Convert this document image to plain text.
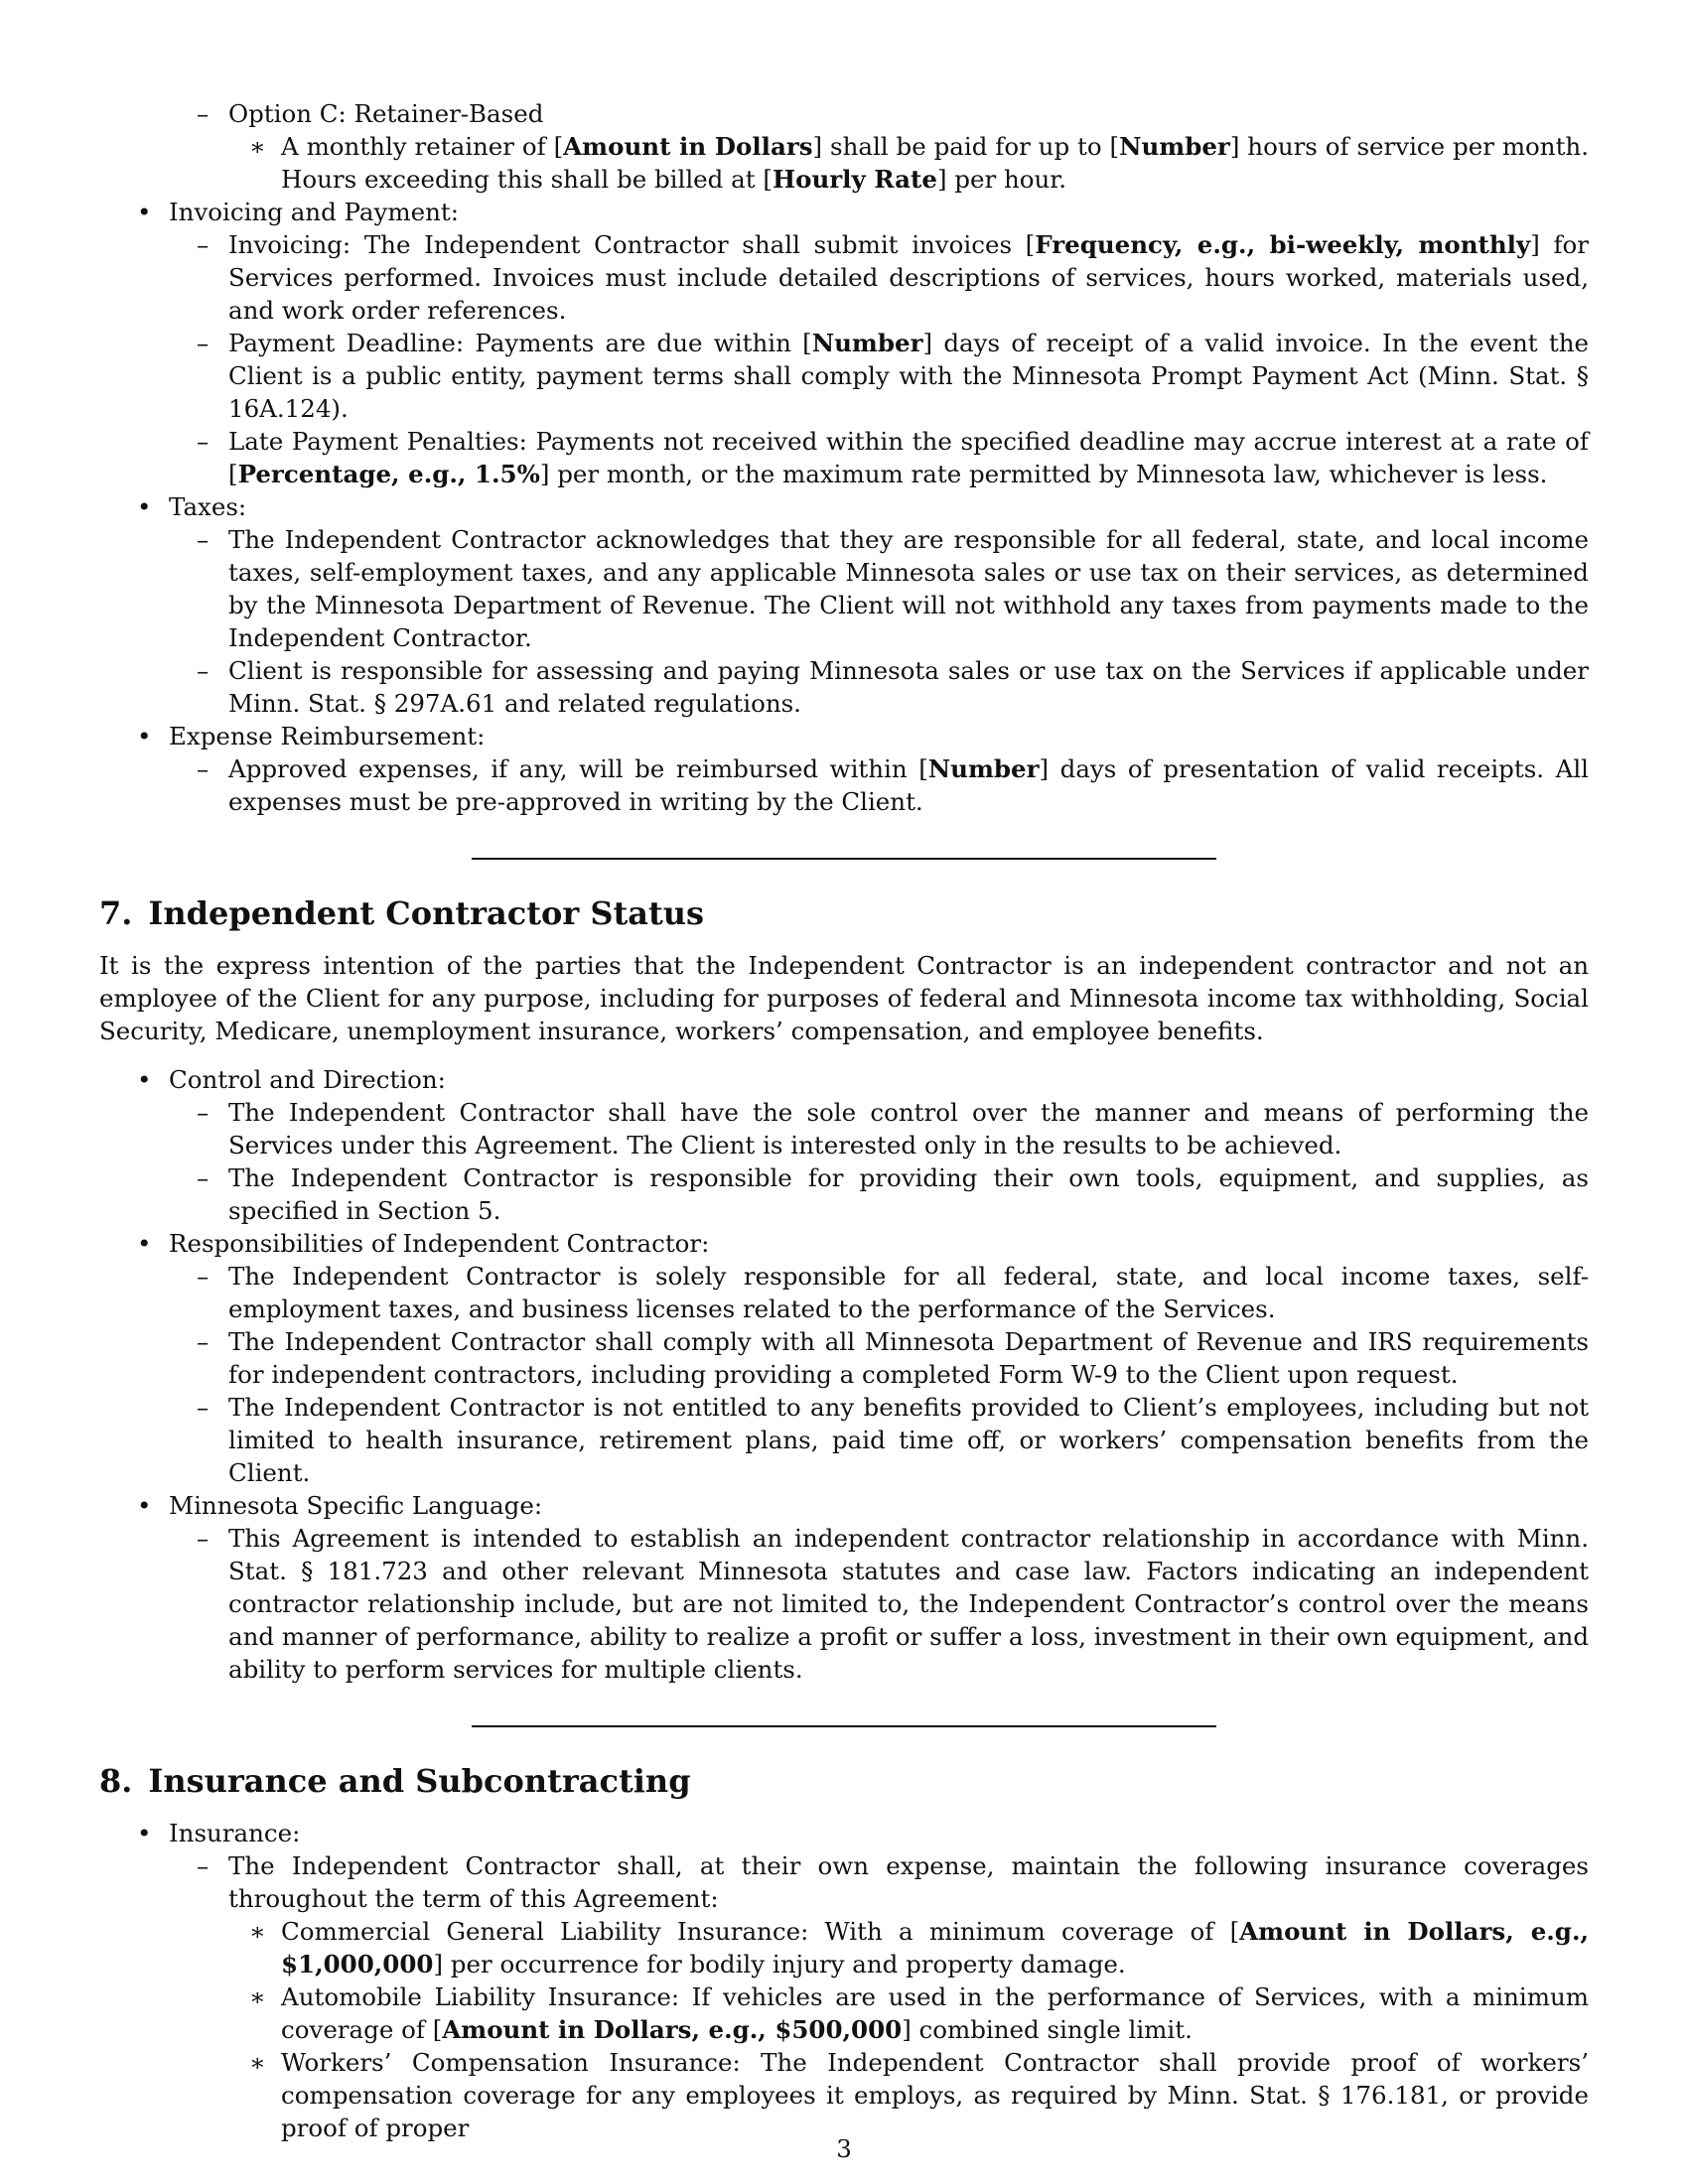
– Option C: Retainer-Based
∗ A monthly retainer of [Amount in Dollars] shall be paid for up to [Number] hours of service per month. Hours exceeding this shall be billed at [Hourly Rate] per hour.
• Invoicing and Payment:
– Invoicing: The Independent Contractor shall submit invoices [Frequency, e.g., bi-weekly, monthly] for Services performed. Invoices must include detailed descriptions of services, hours worked, materials used, and work order references.
– Payment Deadline: Payments are due within [Number] days of receipt of a valid invoice. In the event the Client is a public entity, payment terms shall comply with the Minnesota Prompt Payment Act (Minn. Stat. § 16A.124).
– Late Payment Penalties: Payments not received within the specified deadline may accrue interest at a rate of [Percentage, e.g., 1.5%] per month, or the maximum rate permitted by Minnesota law, whichever is less.
• Taxes:
– The Independent Contractor acknowledges that they are responsible for all federal, state, and local income taxes, self-employment taxes, and any applicable Minnesota sales or use tax on their services, as determined by the Minnesota Department of Revenue. The Client will not withhold any taxes from payments made to the Independent Contractor.
– Client is responsible for assessing and paying Minnesota sales or use tax on the Services if applicable under Minn. Stat. § 297A.61 and related regulations.
• Expense Reimbursement:
– Approved expenses, if any, will be reimbursed within [Number] days of presentation of valid receipts. All expenses must be pre-approved in writing by the Client.
7. Independent Contractor Status

It is the express intention of the parties that the Independent Contractor is an independent contractor and not an employee of the Client for any purpose, including for purposes of federal and Minnesota income tax withholding, Social Security, Medicare, unemployment insurance, workers’ compensation, and employee benefits.

• Control and Direction:
– The Independent Contractor shall have the sole control over the manner and means of performing the Services under this Agreement. The Client is interested only in the results to be achieved.
– The Independent Contractor is responsible for providing their own tools, equipment, and supplies, as specified in Section 5.
• Responsibilities of Independent Contractor:
– The Independent Contractor is solely responsible for all federal, state, and local income taxes, self-employment taxes, and business licenses related to the performance of the Services.
– The Independent Contractor shall comply with all Minnesota Department of Revenue and IRS requirements for independent contractors, including providing a completed Form W-9 to the Client upon request.
– The Independent Contractor is not entitled to any benefits provided to Client’s employees, including but not limited to health insurance, retirement plans, paid time off, or workers’ compensation benefits from the Client.
• Minnesota Specific Language:
– This Agreement is intended to establish an independent contractor relationship in accordance with Minn. Stat. § 181.723 and other relevant Minnesota statutes and case law. Factors indicating an independent contractor relationship include, but are not limited to, the Independent Contractor’s control over the means and manner of performance, ability to realize a profit or suffer a loss, investment in their own equipment, and ability to perform services for multiple clients.
8. Insurance and Subcontracting
• Insurance:
– The Independent Contractor shall, at their own expense, maintain the following insurance coverages throughout the term of this Agreement:
∗ Commercial General Liability Insurance: With a minimum coverage of [Amount in Dollars, e.g., $1,000,000] per occurrence for bodily injury and property damage.
∗ Automobile Liability Insurance: If vehicles are used in the performance of Services, with a minimum coverage of [Amount in Dollars, e.g., $500,000] combined single limit.
∗ Workers’ Compensation Insurance: The Independent Contractor shall provide proof of workers’ compensation coverage for any employees it employs, as required by Minn. Stat. § 176.181, or provide proof of proper
3
